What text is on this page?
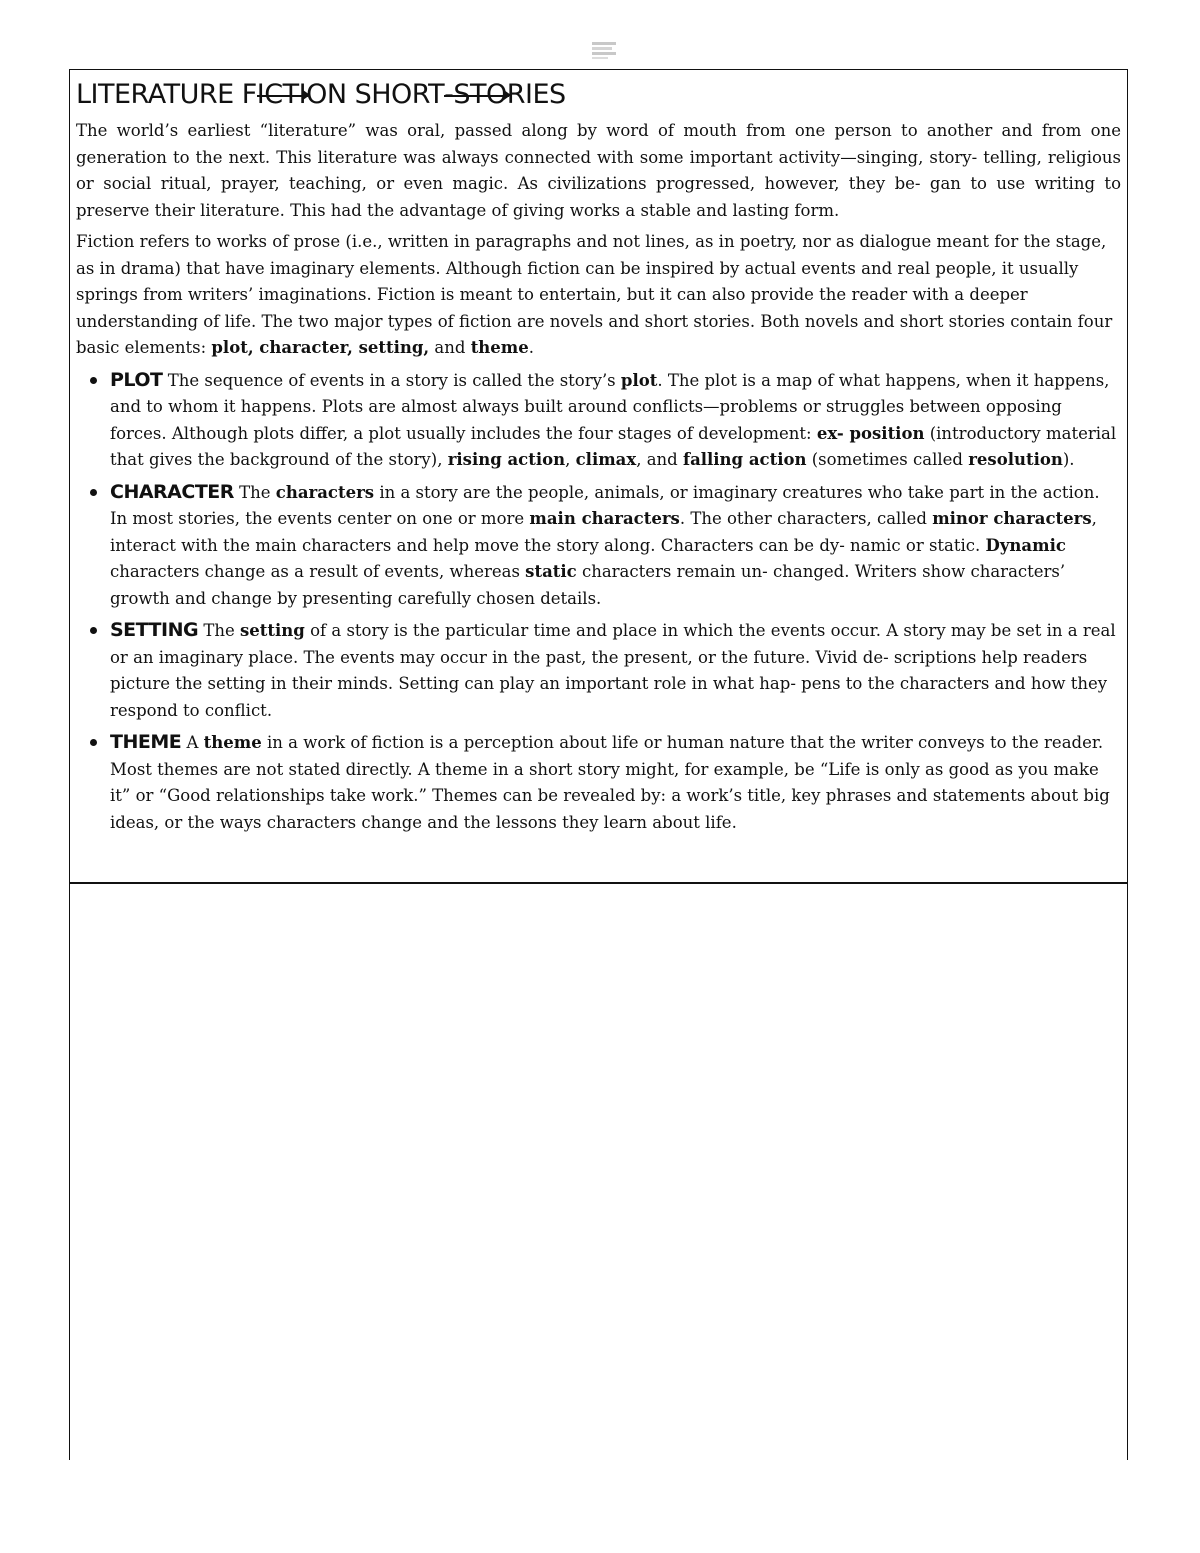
LITERATURE FICTION SHORT-STORIES

The world’s earliest “literature” was oral, passed along by word of mouth from one person to another and from one generation to the next. This literature was always connected with some important activity—singing, story- telling, religious or social ritual, prayer, teaching, or even magic. As civilizations progressed, however, they be- gan to use writing to preserve their literature. This had the advantage of giving works a stable and lasting form.

Fiction refers to works of prose (i.e., written in paragraphs and not lines, as in poetry, nor as dialogue meant for the stage, as in drama) that have imaginary elements. Although fiction can be inspired by actual events and real people, it usually springs from writers’ imaginations. Fiction is meant to entertain, but it can also provide the reader with a deeper understanding of life. The two major types of fiction are novels and short stories. Both novels and short stories contain four basic elements: plot, character, setting, and theme.

PLOT The sequence of events in a story is called the story’s plot. The plot is a map of what happens, when it happens, and to whom it happens. Plots are almost always built around conflicts—problems or struggles between opposing forces. Although plots differ, a plot usually includes the four stages of development: ex- position (introductory material that gives the background of the story), rising action, climax, and falling action (sometimes called resolution).
CHARACTER The characters in a story are the people, animals, or imaginary creatures who take part in the action. In most stories, the events center on one or more main characters. The other characters, called minor characters, interact with the main characters and help move the story along. Characters can be dy- namic or static. Dynamic characters change as a result of events, whereas static characters remain un- changed. Writers show characters’ growth and change by presenting carefully chosen details.
SETTING The setting of a story is the particular time and place in which the events occur. A story may be set in a real or an imaginary place. The events may occur in the past, the present, or the future. Vivid de- scriptions help readers picture the setting in their minds. Setting can play an important role in what hap- pens to the characters and how they respond to conflict.
THEME A theme in a work of fiction is a perception about life or human nature that the writer conveys to the reader. Most themes are not stated directly. A theme in a short story might, for example, be “Life is only as good as you make it” or “Good relationships take work.” Themes can be revealed by: a work’s title, key phrases and statements about big ideas, or the ways characters change and the lessons they learn about life.
